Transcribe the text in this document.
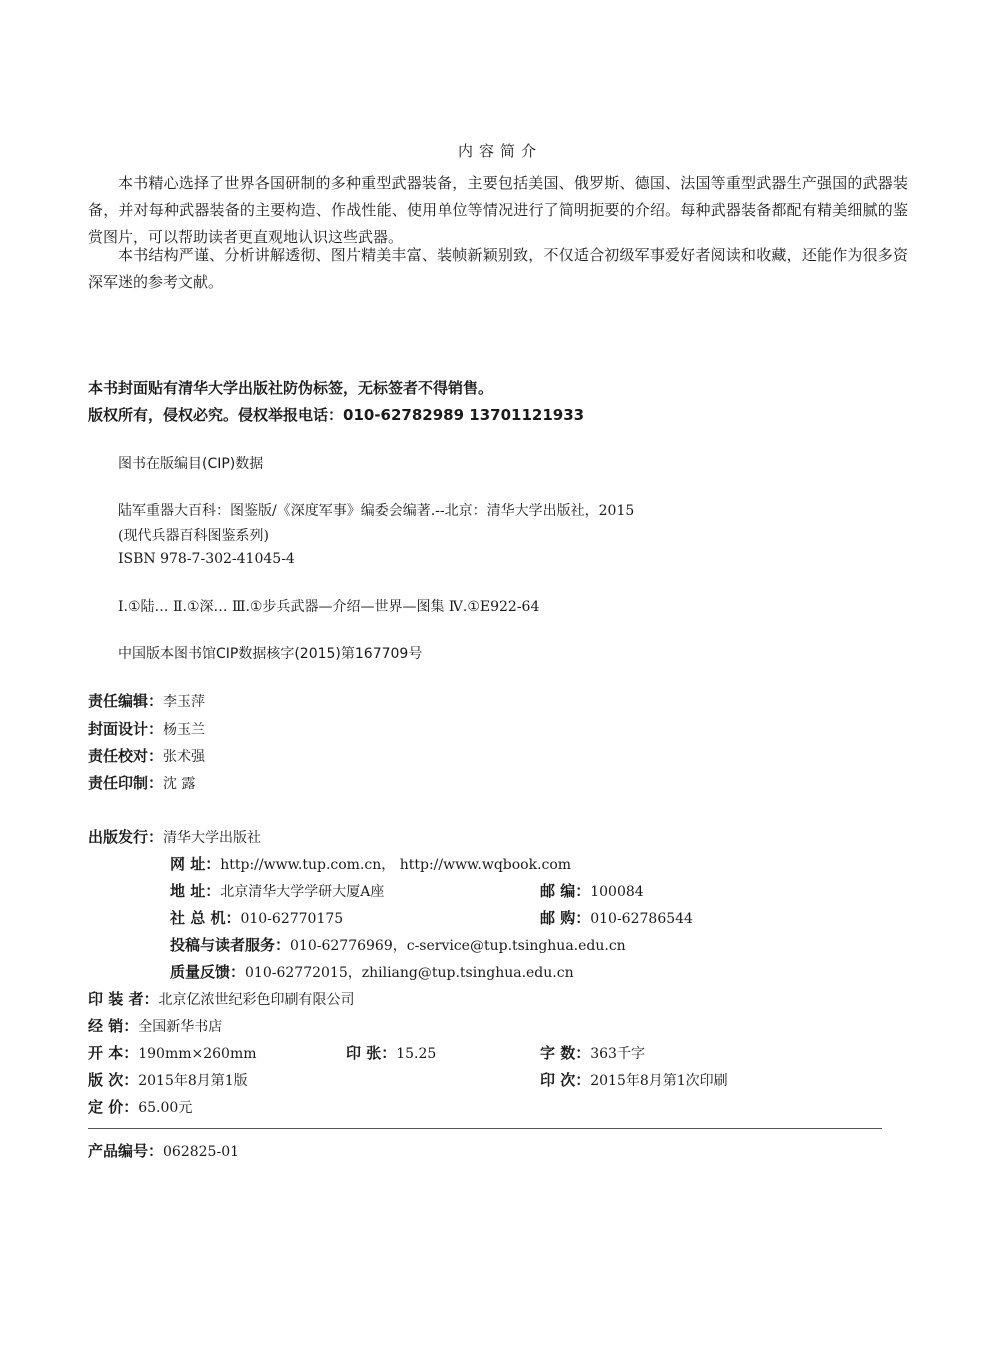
内容简介
本书精心选择了世界各国研制的多种重型武器装备，主要包括美国、俄罗斯、德国、法国等重型武器生产强国的武器装备，并对每种武器装备的主要构造、作战性能、使用单位等情况进行了简明扼要的介绍。每种武器装备都配有精美细腻的鉴赏图片，可以帮助读者更直观地认识这些武器。
本书结构严谨、分析讲解透彻、图片精美丰富、装帧新颖别致，不仅适合初级军事爱好者阅读和收藏，还能作为很多资深军迷的参考文献。
本书封面贴有清华大学出版社防伪标签，无标签者不得销售。
版权所有，侵权必究。侵权举报电话：010-62782989 13701121933
图书在版编目(CIP)数据
陆军重器大百科：图鉴版/《深度军事》编委会编著.--北京：清华大学出版社，2015
(现代兵器百科图鉴系列)
ISBN 978-7-302-41045-4
Ⅰ.①陆… Ⅱ.①深… Ⅲ.①步兵武器—介绍—世界—图集 Ⅳ.①E922-64
中国版本图书馆CIP数据核字(2015)第167709号
责任编辑：李玉萍
封面设计：杨玉兰
责任校对：张术强
责任印制：沈 露
出版发行：清华大学出版社
网 址：http://www.tup.com.cn， http://www.wqbook.com
地 址：北京清华大学学研大厦A座	邮 编：100084
社 总 机：010-62770175	邮 购：010-62786544
投稿与读者服务：010-62776969，c-service@tup.tsinghua.edu.cn
质量反馈：010-62772015，zhiliang@tup.tsinghua.edu.cn
印 装 者：北京亿浓世纪彩色印刷有限公司
经 销：全国新华书店
开 本：190mm×260mm	印 张：15.25	字 数：363千字
版 次：2015年8月第1版	印 次：2015年8月第1次印刷
定 价：65.00元
产品编号：062825-01
